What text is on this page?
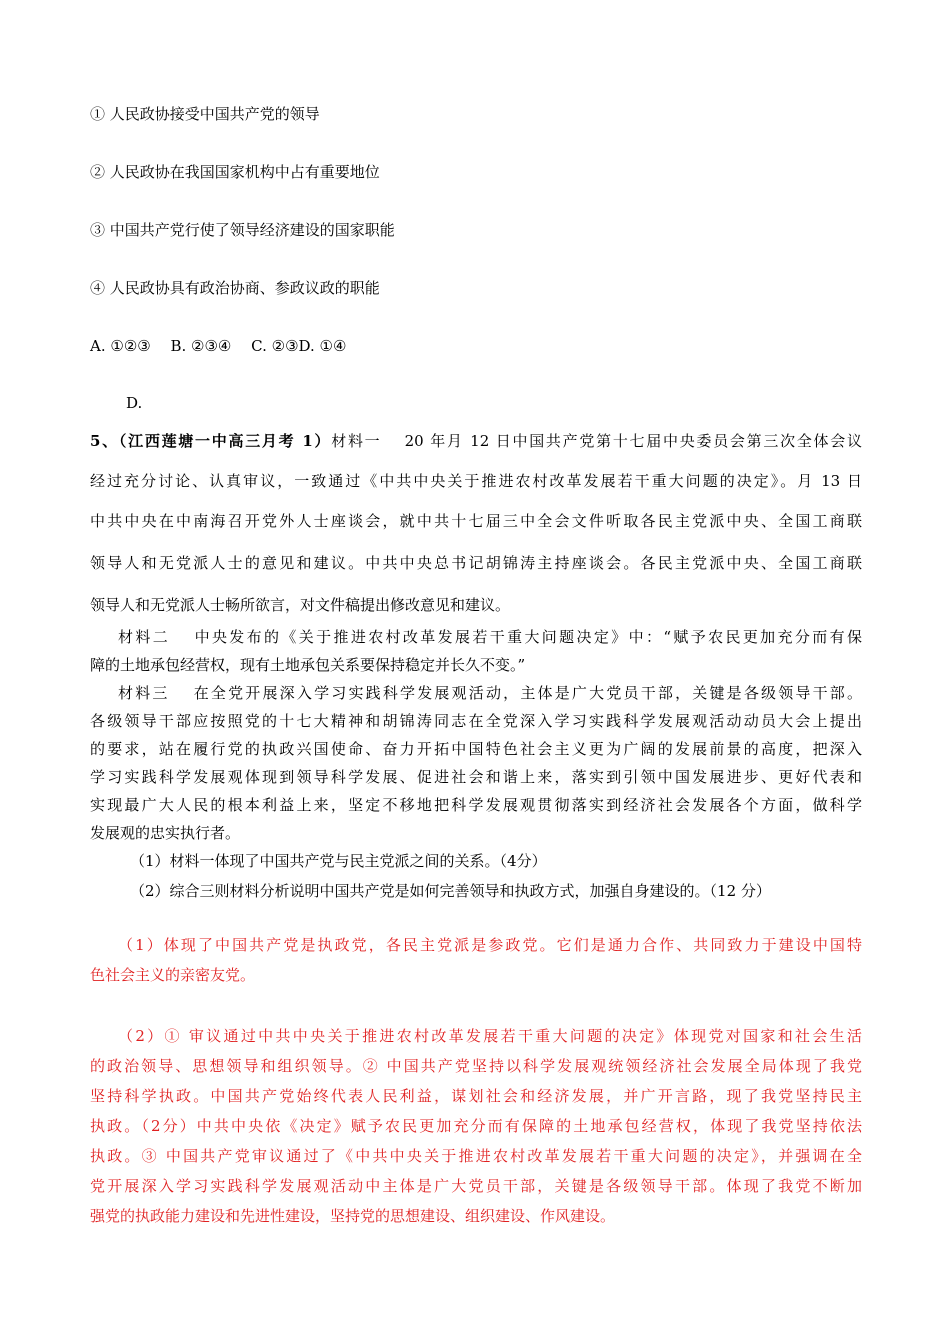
① 人民政协接受中国共产党的领导
② 人民政协在我国国家机构中占有重要地位
③ 中国共产党行使了领导经济建设的国家职能
④ 人民政协具有政治协商、参政议政的职能
A. ①②③　 B. ②③④　 C. ②③D. ①④
D.
5、（江西莲塘一中高三月考 1）材料一　 20 年月 12 日中国共产党第十七届中央委员会第三次全体会议
经过充分讨论、认真审议，一致通过《中共中央关于推进农村改革发展若干重大问题的决定》。月 13 日
中共中央在中南海召开党外人士座谈会，就中共十七届三中全会文件听取各民主党派中央、全国工商联
领导人和无党派人士的意见和建议。中共中央总书记胡锦涛主持座谈会。各民主党派中央、全国工商联
领导人和无党派人士畅所欲言，对文件稿提出修改意见和建议。
材料二　 中央发布的《关于推进农村改革发展若干重大问题决定》中：“赋予农民更加充分而有保
障的土地承包经营权，现有土地承包关系要保持稳定并长久不变。”
材料三　 在全党开展深入学习实践科学发展观活动，主体是广大党员干部，关键是各级领导干部。
各级领导干部应按照党的十七大精神和胡锦涛同志在全党深入学习实践科学发展观活动动员大会上提出
的要求，站在履行党的执政兴国使命、奋力开拓中国特色社会主义更为广阔的发展前景的高度，把深入
学习实践科学发展观体现到领导科学发展、促进社会和谐上来，落实到引领中国发展进步、更好代表和
实现最广大人民的根本利益上来，坚定不移地把科学发展观贯彻落实到经济社会发展各个方面，做科学
发展观的忠实执行者。
（1）材料一体现了中国共产党与民主党派之间的关系。（4分）
（2）综合三则材料分析说明中国共产党是如何完善领导和执政方式，加强自身建设的。（12 分）
（1）体现了中国共产党是执政党，各民主党派是参政党。它们是通力合作、共同致力于建设中国特
色社会主义的亲密友党。
（2）① 审议通过中共中央关于推进农村改革发展若干重大问题的决定》体现党对国家和社会生活
的政治领导、思想领导和组织领导。② 中国共产党坚持以科学发展观统领经济社会发展全局体现了我党
坚持科学执政。中国共产党始终代表人民利益，谋划社会和经济发展，并广开言路，现了我党坚持民主
执政。（2分）中共中央依《决定》赋予农民更加充分而有保障的土地承包经营权，体现了我党坚持依法
执政。③ 中国共产党审议通过了《中共中央关于推进农村改革发展若干重大问题的决定》，并强调在全
党开展深入学习实践科学发展观活动中主体是广大党员干部，关键是各级领导干部。体现了我党不断加
强党的执政能力建设和先进性建设，坚持党的思想建设、组织建设、作风建设。
